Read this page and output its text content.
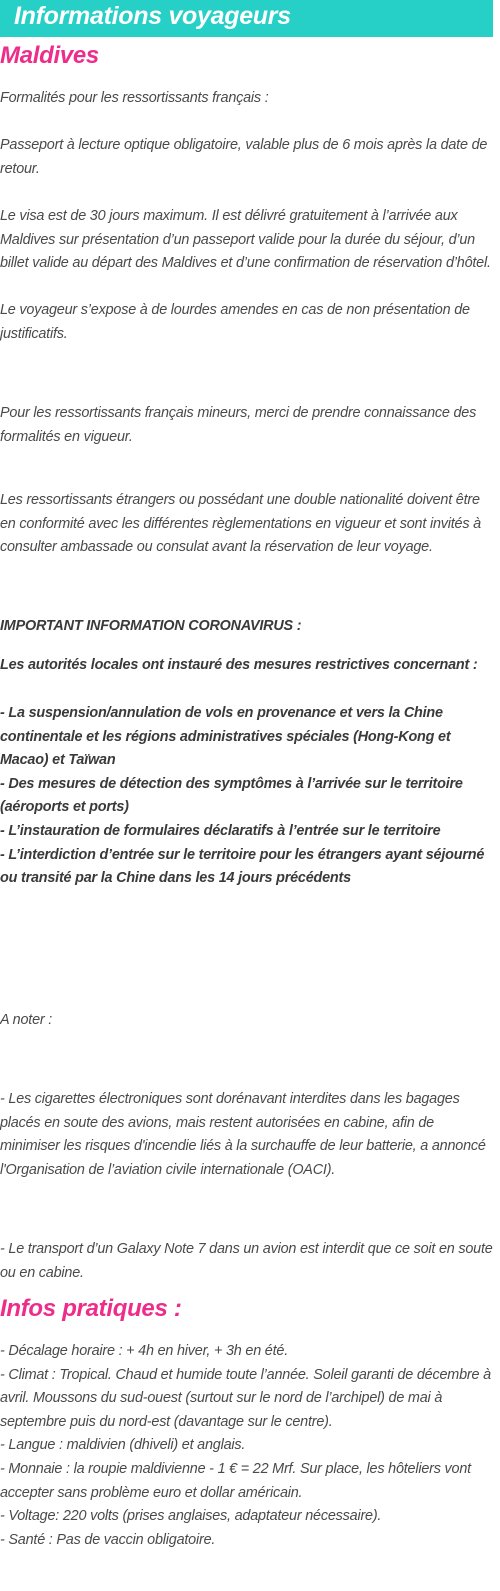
Informations voyageurs
Maldives

Formalités pour les ressortissants français :

Passeport à lecture optique obligatoire, valable plus de 6 mois après la date de retour.

Le visa est de 30 jours maximum. Il est délivré gratuitement à l’arrivée aux Maldives sur présentation d’un passeport valide pour la durée du séjour, d’un billet valide au départ des Maldives et d’une confirmation de réservation d’hôtel.

Le voyageur s’expose à de lourdes amendes en cas de non présentation de justificatifs.

Pour les ressortissants français mineurs, merci de prendre connaissance des formalités en vigueur.

Les ressortissants étrangers ou possédant une double nationalité doivent être en conformité avec les différentes règlementations en vigueur et sont invités à consulter ambassade ou consulat avant la réservation de leur voyage.

IMPORTANT INFORMATION CORONAVIRUS :

Les autorités locales ont instauré des mesures restrictives concernant :

- La suspension/annulation de vols en provenance et vers la Chine continentale et les régions administratives spéciales (Hong-Kong et Macao) et Taïwan
- Des mesures de détection des symptômes à l’arrivée sur le territoire (aéroports et ports)
- L’instauration de formulaires déclaratifs à l’entrée sur le territoire
- L’interdiction d’entrée sur le territoire pour les étrangers ayant séjourné ou transité par la Chine dans les 14 jours précédents

A noter :

- Les cigarettes électroniques sont dorénavant interdites dans les bagages placés en soute des avions, mais restent autorisées en cabine, afin de minimiser les risques d'incendie liés à la surchauffe de leur batterie, a annoncé l'Organisation de l’aviation civile internationale (OACI).

- Le transport d’un Galaxy Note 7 dans un avion est interdit que ce soit en soute ou en cabine.

Infos pratiques :
- Décalage horaire : + 4h en hiver, + 3h en été.
- Climat : Tropical. Chaud et humide toute l’année. Soleil garanti de décembre à avril. Moussons du sud-ouest (surtout sur le nord de l’archipel) de mai à septembre puis du nord-est (davantage sur le centre).
- Langue : maldivien (dhiveli) et anglais.
- Monnaie : la roupie maldivienne - 1 € = 22 Mrf. Sur place, les hôteliers vont accepter sans problème euro et dollar américain.
- Voltage: 220 volts (prises anglaises, adaptateur nécessaire).
- Santé : Pas de vaccin obligatoire.
